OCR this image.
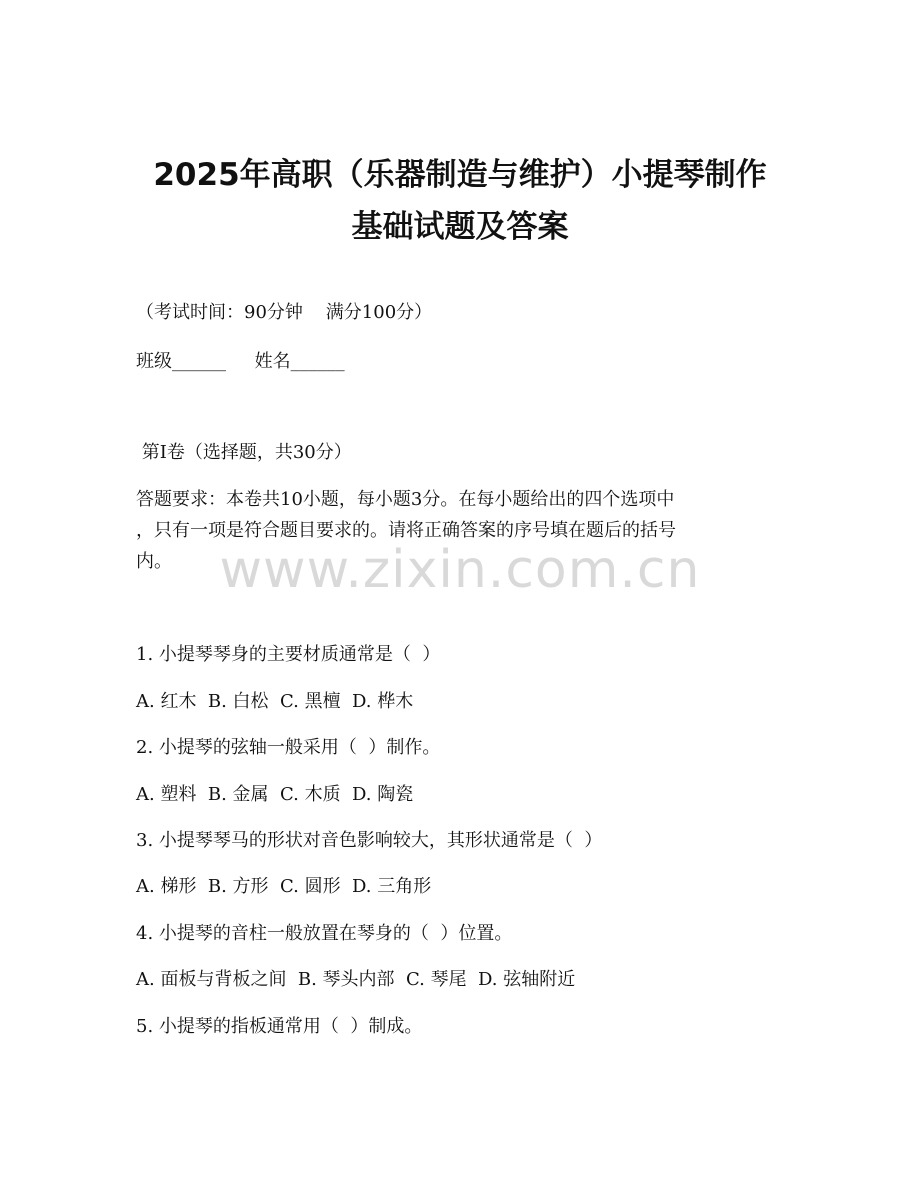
2025年高职（乐器制造与维护）小提琴制作
基础试题及答案

（考试时间：90分钟    满分100分）

班级______     姓名______

第I卷（选择题，共30分）

答题要求：本卷共10小题，每小题3分。在每小题给出的四个选项中

，只有一项是符合题目要求的。请将正确答案的序号填在题后的括号

内。 www.zixin.com.cn

1. 小提琴琴身的主要材质通常是（  ）

A. 红木  B. 白松  C. 黑檀  D. 桦木

2. 小提琴的弦轴一般采用（  ）制作。

A. 塑料  B. 金属  C. 木质  D. 陶瓷

3. 小提琴琴马的形状对音色影响较大，其形状通常是（  ）

A. 梯形  B. 方形  C. 圆形  D. 三角形

4. 小提琴的音柱一般放置在琴身的（  ）位置。

A. 面板与背板之间  B. 琴头内部  C. 琴尾  D. 弦轴附近

5. 小提琴的指板通常用（  ）制成。
